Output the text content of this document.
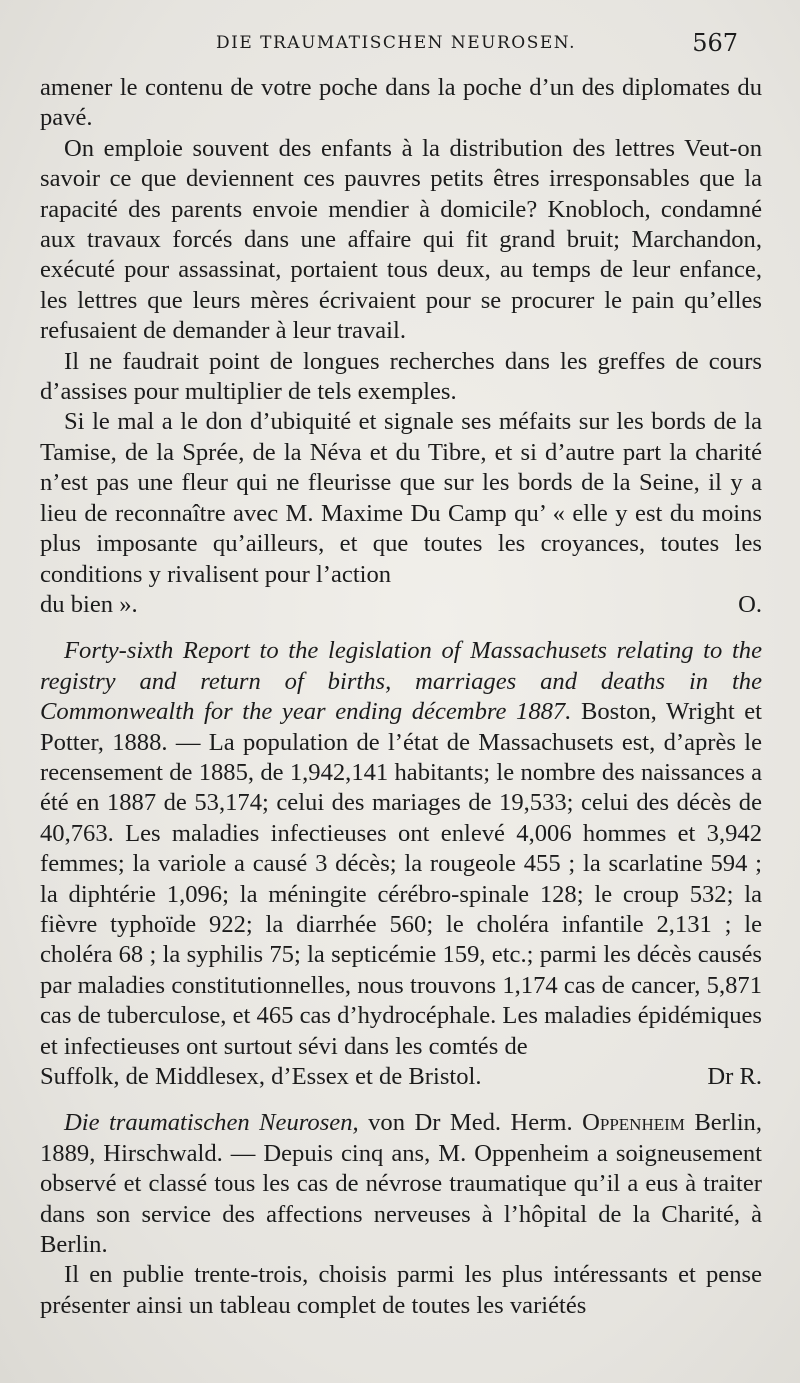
DIE TRAUMATISCHEN NEUROSEN.	567

amener le contenu de votre poche dans la poche d’un des diplomates du pavé.

On emploie souvent des enfants à la distribution des lettres Veut-on savoir ce que deviennent ces pauvres petits êtres irresponsables que la rapacité des parents envoie mendier à domicile? Knobloch, condamné aux travaux forcés dans une affaire qui fit grand bruit; Marchandon, exécuté pour assassinat, portaient tous deux, au temps de leur enfance, les lettres que leurs mères écrivaient pour se procurer le pain qu’elles refusaient de demander à leur travail.

Il ne faudrait point de longues recherches dans les greffes de cours d’assises pour multiplier de tels exemples.

Si le mal a le don d’ubiquité et signale ses méfaits sur les bords de la Tamise, de la Sprée, de la Néva et du Tibre, et si d’autre part la charité n’est pas une fleur qui ne fleurisse que sur les bords de la Seine, il y a lieu de reconnaître avec M. Maxime Du Camp qu’ « elle y est du moins plus imposante qu’ailleurs, et que toutes les croyances, toutes les conditions y rivalisent pour l’action

du bien ».	O.

Forty-sixth Report to the legislation of Massachusets relating to the registry and return of births, marriages and deaths in the Commonwealth for the year ending décembre 1887. Boston, Wright et Potter, 1888. — La population de l’état de Massachusets est, d’après le recensement de 1885, de 1,942,141 habitants; le nombre des naissances a été en 1887 de 53,174; celui des mariages de 19,533; celui des décès de 40,763. Les maladies infectieuses ont enlevé 4,006 hommes et 3,942 femmes; la variole a causé 3 décès; la rougeole 455 ; la scarlatine 594 ; la diphtérie 1,096; la méningite cérébro-spinale 128; le croup 532; la fièvre typhoïde 922; la diarrhée 560; le choléra infantile 2,131 ; le choléra 68 ; la syphilis 75; la septicémie 159, etc.; parmi les décès causés par maladies constitutionnelles, nous trouvons 1,174 cas de cancer, 5,871 cas de tuberculose, et 465 cas d’hydrocéphale. Les maladies épidémiques et infectieuses ont surtout sévi dans les comtés de

Suffolk, de Middlesex, d’Essex et de Bristol.	Dr R.

Die traumatischen Neurosen, von Dr Med. Herm. Oppenheim Berlin, 1889, Hirschwald. — Depuis cinq ans, M. Oppenheim a soigneusement observé et classé tous les cas de névrose traumatique qu’il a eus à traiter dans son service des affections nerveuses à l’hôpital de la Charité, à Berlin.

Il en publie trente-trois, choisis parmi les plus intéressants et pense présenter ainsi un tableau complet de toutes les variétés
